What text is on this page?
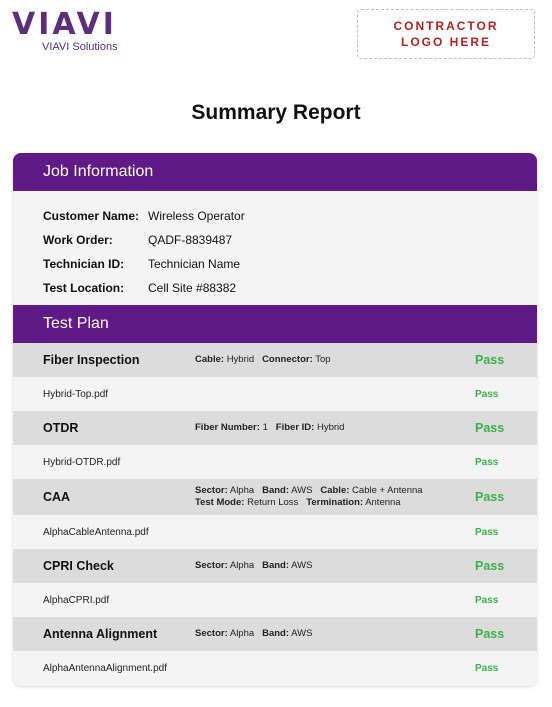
VIAVI
VIAVI Solutions
CONTRACTOR
LOGO HERE
Summary Report
Job Information
Customer Name: Wireless Operator
Work Order:	QADF-8839487
Technician ID:	Technician Name
Test Location:	Cell Site #88382
Test Plan
Fiber Inspection	Cable: Hybrid Connector: Top	Pass
Hybrid-Top.pdf	Pass
OTDR	Fiber Number: 1 Fiber ID: Hybrid	Pass
Hybrid-OTDR.pdf	Pass
CAA	Sector: Alpha Band: AWS Cable: Cable + Antenna
Test Mode: Return Loss Termination: Antenna	Pass
AlphaCableAntenna.pdf	Pass
CPRI Check	Sector: Alpha Band: AWS	Pass
AlphaCPRI.pdf	Pass
Antenna Alignment	Sector: Alpha Band: AWS	Pass
AlphaAntennaAlignment.pdf	Pass
